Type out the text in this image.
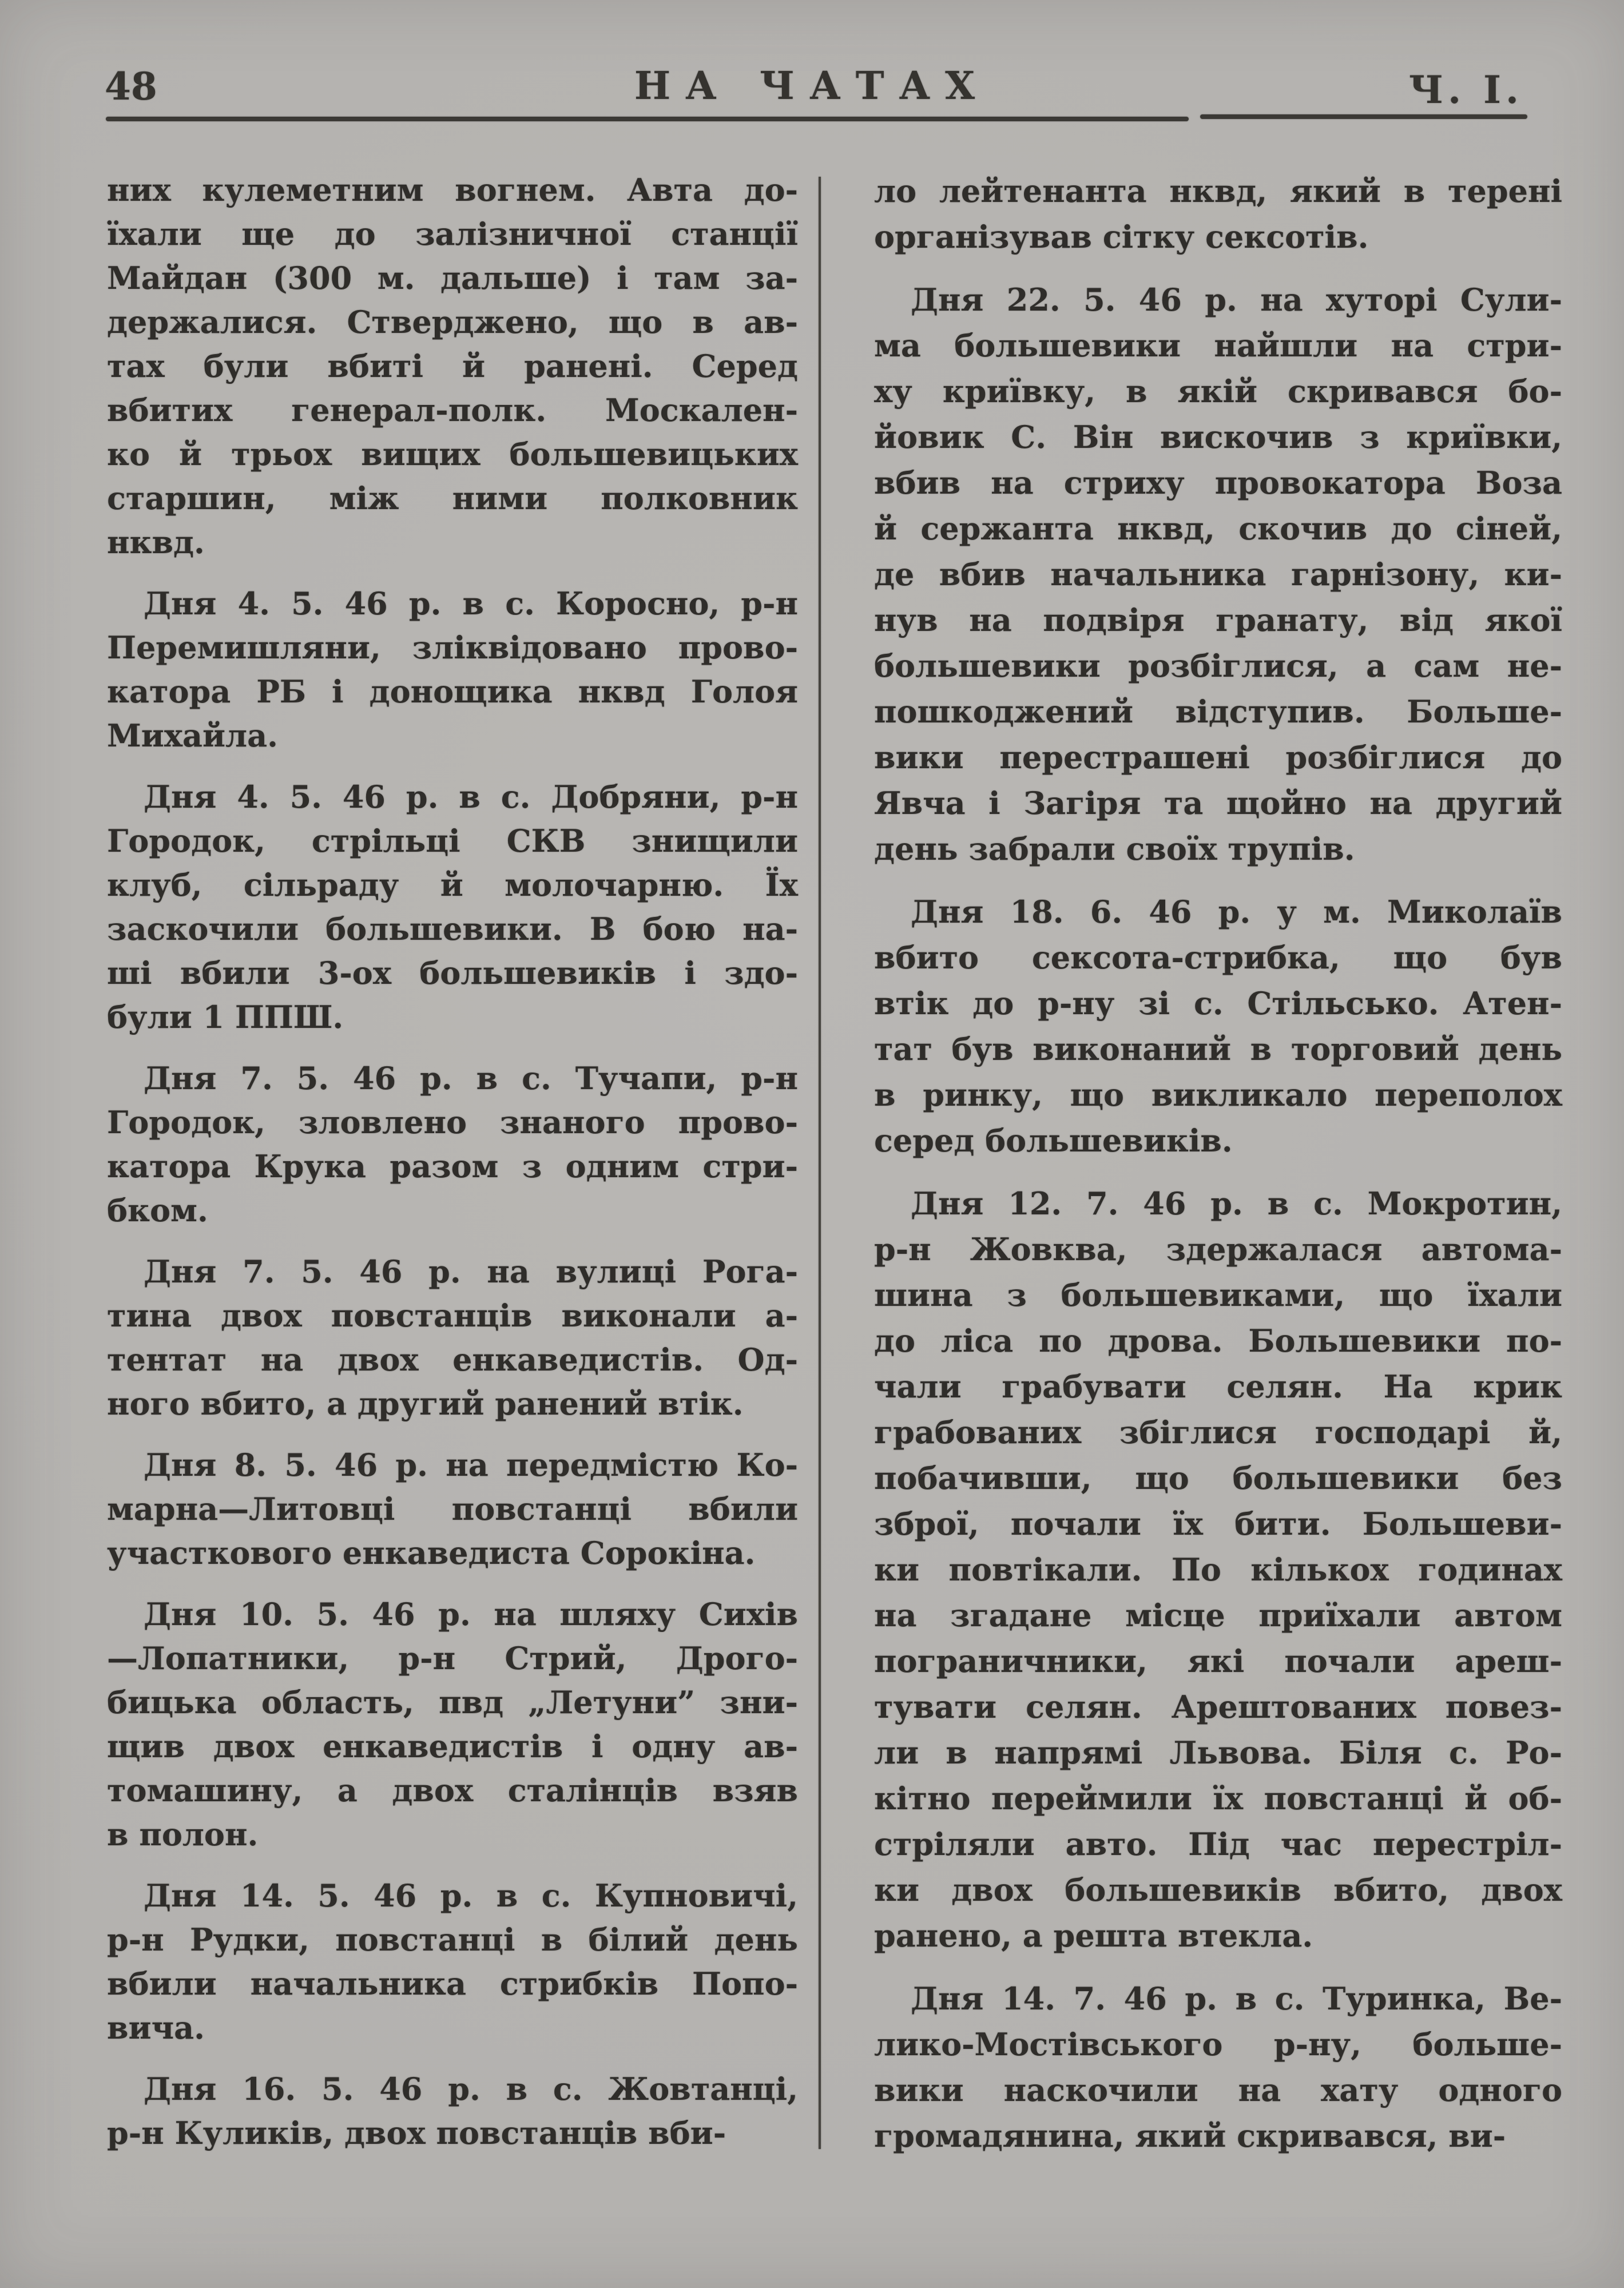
48	НА ЧАТАХ	Ч. І.
них кулеметним вогнем. Авта до-
їхали ще до залізничної станції
Майдан (300 м. дальше) і там за-
держалися. Стверджено, що в ав-
тах були вбиті й ранені. Серед
вбитих генерал-полк. Москален-
ко й трьох вищих большевицьких
старшин, між ними полковник
нквд.
Дня 4. 5. 46 р. в с. Коросно, р-н
Перемишляни, зліквідовано прово-
катора РБ і донощика нквд Голоя
Михайла.
Дня 4. 5. 46 р. в с. Добряни, р-н
Городок, стрільці СКВ знищили
клуб, сільраду й молочарню. Їх
заскочили большевики. В бою на-
ші вбили 3-ох большевиків і здо-
були 1 ППШ.
Дня 7. 5. 46 р. в с. Тучапи, р-н
Городок, зловлено знаного прово-
катора Крука разом з одним стри-
бком.
Дня 7. 5. 46 р. на вулиці Рога-
тина двох повстанців виконали а-
тентат на двох енкаведистів. Од-
ного вбито, а другий ранений втік.
Дня 8. 5. 46 р. на передмістю Ко-
марна—Литовці повстанці вбили
участкового енкаведиста Сорокіна.
Дня 10. 5. 46 р. на шляху Сихів
—Лопатники, р-н Стрий, Дрого-
бицька область, пвд „Летуни” зни-
щив двох енкаведистів і одну ав-
томашину, а двох сталінців взяв
в полон.
Дня 14. 5. 46 р. в с. Купновичі,
р-н Рудки, повстанці в білий день
вбили начальника стрибків Попо-
вича.
Дня 16. 5. 46 р. в с. Жовтанці,
р-н Куликів, двох повстанців вби-
ло лейтенанта нквд, який в терені
організував сітку сексотів.
Дня 22. 5. 46 р. на хуторі Сули-
ма большевики найшли на стри-
ху криївку, в якій скривався бо-
йовик С. Він вискочив з криївки,
вбив на стриху провокатора Воза
й сержанта нквд, скочив до сіней,
де вбив начальника гарнізону, ки-
нув на подвіря гранату, від якої
большевики розбіглися, а сам не-
пошкоджений відступив. Больше-
вики перестрашені розбіглися до
Явча і Загіря та щойно на другий
день забрали своїх трупів.
Дня 18. 6. 46 р. у м. Миколаїв
вбито сексота-стрибка, що був
втік до р-ну зі с. Стільсько. Атен-
тат був виконаний в торговий день
в ринку, що викликало переполох
серед большевиків.
Дня 12. 7. 46 р. в с. Мокротин,
р-н Жовква, здержалася автома-
шина з большевиками, що їхали
до ліса по дрова. Большевики по-
чали грабувати селян. На крик
грабованих збіглися господарі й,
побачивши, що большевики без
зброї, почали їх бити. Большеви-
ки повтікали. По кількох годинах
на згадане місце приїхали автом
пограничники, які почали ареш-
тувати селян. Арештованих повез-
ли в напрямі Львова. Біля с. Ро-
кітно переймили їх повстанці й об-
стріляли авто. Під час перестріл-
ки двох большевиків вбито, двох
ранено, а решта втекла.
Дня 14. 7. 46 р. в с. Туринка, Ве-
лико-Мостівського р-ну, больше-
вики наскочили на хату одного
громадянина, який скривався, ви-
